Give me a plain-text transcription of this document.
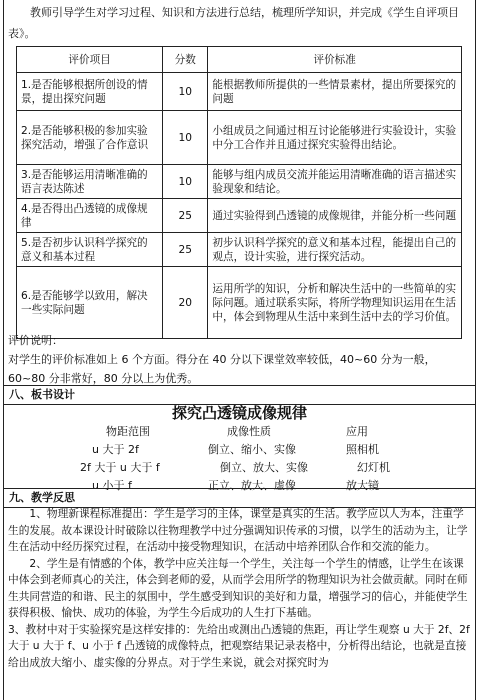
教师引导学生对学习过程、知识和方法进行总结，梳理所学知识，并完成《学生自评项目表》。
评价项目	分数	评价标准
1.是否能够根据所创设的情景，提出探究问题	10	能根据教师所提供的一些情景素材，提出所要探究的问题
2.是否能够积极的参加实验探究活动，增强了合作意识	10	小组成员之间通过相互讨论能够进行实验设计，实验中分工合作并且通过探究实验得出结论。
3.是否能够运用清晰准确的语言表达陈述	10	能够与组内成员交流并能运用清晰准确的语言描述实验现象和结论。
4.是否得出凸透镜的成像规律	25	通过实验得到凸透镜的成像规律，并能分析一些问题
5.是否初步认识科学探究的意义和基本过程	25	初步认识科学探究的意义和基本过程，能提出自己的观点，设计实验，进行探究活动。
6.是否能够学以致用，解决一些实际问题	20	运用所学的知识，分析和解决生活中的一些简单的实际问题。通过联系实际，将所学物理知识运用在生活中，体会到物理从生活中来到生活中去的学习价值。
评价说明：
对学生的评价标准如上 6 个方面。得分在 40 分以下课堂效率较低，40~60 分为一般，
60~80 分非常好，80 分以上为优秀。
八、板书设计
探究凸透镜成像规律
物距范围	成像性质	应用
u 大于 2f	倒立、缩小、实像	照相机
2f 大于 u 大于 f	倒立、放大、实像	幻灯机
u 小于 f	正立、放大、虚像	放大镜
九、教学反思

1、物理新课程标准提出：学生是学习的主体，课堂是真实的生活。教学应以人为本，注重学生的发展。故本课设计时破除以往物理教学中过分强调知识传承的习惯，以学生的活动为主，让学生在活动中经历探究过程，在活动中接受物理知识，在活动中培养团队合作和交流的能力。

2、学生是有情感的个体，教学中应关注每一个学生，关注每一个学生的情感，让学生在该课中体会到老师真心的关注，体会到老师的爱，从而学会用所学的物理知识为社会做贡献。同时在师生共同营造的和谐、民主的氛围中，学生感受到知识的美好和力量，增强学习的信心，并能使学生获得积极、愉快、成功的体验，为学生今后成功的人生打下基础。

3、教材中对于实验探究是这样安排的：先给出或测出凸透镜的焦距，再让学生观察 u 大于 2f、2f 大于 u 大于 f、u 小于 f 凸透镜的成像特点，把观察结果记录表格中，分析得出结论，也就是直接给出成放大缩小、虚实像的分界点。对于学生来说，就会对探究时为
